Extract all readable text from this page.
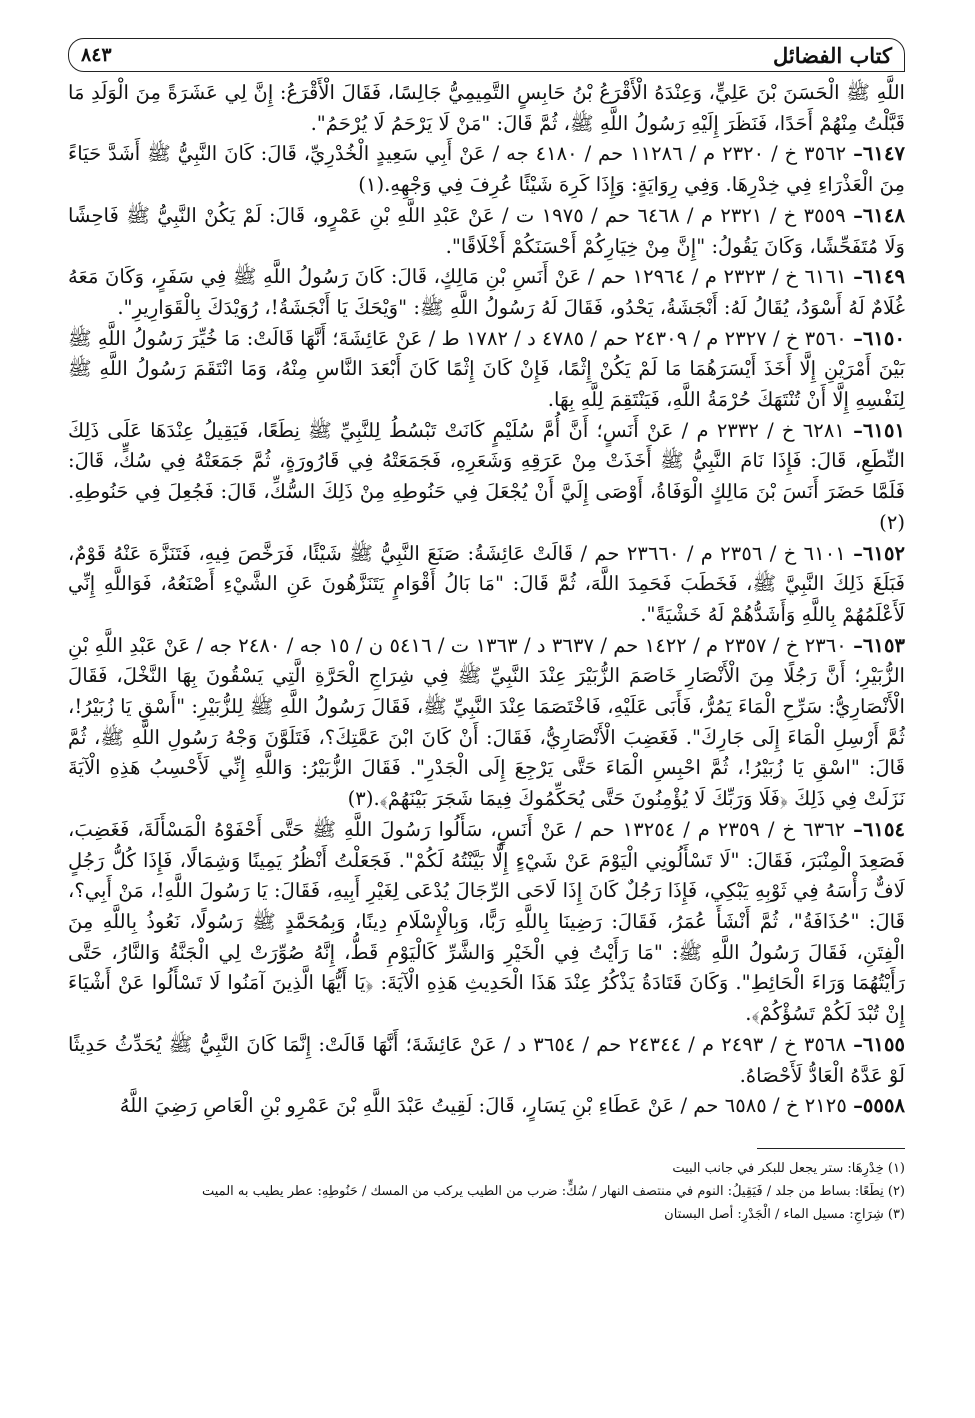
كتاب الفضائل
٨٤٣

اللَّهِ ﷺ الْحَسَنَ بْنَ عَلِيٍّ، وَعِنْدَهُ الْأَقْرَعُ بْنُ حَابِسٍ التَّمِيمِيُّ جَالِسًا، فَقَالَ الْأَقْرَعُ: إِنَّ لِي عَشَرَةً مِنَ الْوَلَدِ مَا قَبَّلْتُ مِنْهُمْ أَحَدًا، فَنَظَرَ إِلَيْهِ رَسُولُ اللَّهِ ﷺ، ثُمَّ قَالَ: "مَنْ لَا يَرْحَمُ لَا يُرْحَمُ".

٦١٤٧– ٣٥٦٢ خ / ٢٣٢٠ م / ١١٢٨٦ حم / ٤١٨٠ جه / عَنْ أَبِي سَعِيدٍ الْخُدْرِيِّ، قَالَ: كَانَ النَّبِيُّ ﷺ أَشَدَّ حَيَاءً مِنَ الْعَذْرَاءِ فِي خِدْرِهَا. وَفِي رِوَايَةٍ: وَإِذَا كَرِهَ شَيْئًا عُرِفَ فِي وَجْهِهِ.(١)

٦١٤٨– ٣٥٥٩ خ / ٢٣٢١ م / ٦٤٦٨ حم / ١٩٧٥ ت / عَنْ عَبْدِ اللَّهِ بْنِ عَمْرٍو، قَالَ: لَمْ يَكُنْ النَّبِيُّ ﷺ فَاحِشًا وَلَا مُتَفَحِّشًا، وَكَانَ يَقُولُ: "إِنَّ مِنْ خِيَارِكُمْ أَحْسَنَكُمْ أَخْلَاقًا".

٦١٤٩– ٦١٦١ خ / ٢٣٢٣ م / ١٢٩٦٤ حم / عَنْ أَنَسِ بْنِ مَالِكٍ، قَالَ: كَانَ رَسُولُ اللَّهِ ﷺ فِي سَفَرٍ، وَكَانَ مَعَهُ غُلَامٌ لَهُ أَسْوَدُ، يُقَالُ لَهُ: أَنْجَشَةُ، يَحْدُو، فَقَالَ لَهُ رَسُولُ اللَّهِ ﷺ: "وَيْحَكَ يَا أَنْجَشَةُ!، رُوَيْدَكَ بِالْقَوَارِيرِ".

٦١٥٠– ٣٥٦٠ خ / ٢٣٢٧ م / ٢٤٣٠٩ حم / ٤٧٨٥ د / ١٧٨٢ ط / عَنْ عَائِشَةَ؛ أَنَّهَا قَالَتْ: مَا خُيِّرَ رَسُولُ اللَّهِ ﷺ بَيْنَ أَمْرَيْنِ إِلَّا أَخَذَ أَيْسَرَهُمَا مَا لَمْ يَكُنْ إِثْمًا، فَإِنْ كَانَ إِثْمًا كَانَ أَبْعَدَ النَّاسِ مِنْهُ، وَمَا انْتَقَمَ رَسُولُ اللَّهِ ﷺ لِنَفْسِهِ إِلَّا أَنْ تُنْتَهَكَ حُرْمَةُ اللَّهِ، فَيَنْتَقِمَ لِلَّهِ بِهَا.

٦١٥١– ٦٢٨١ خ / ٢٣٣٢ م / عَنْ أَنَسٍ؛ أَنَّ أُمَّ سُلَيْمٍ كَانَتْ تَبْسُطُ لِلنَّبِيِّ ﷺ نِطَعًا، فَيَقِيلُ عِنْدَهَا عَلَى ذَلِكَ النِّطَعِ، قَالَ: فَإِذَا نَامَ النَّبِيُّ ﷺ أَخَذَتْ مِنْ عَرَقِهِ وَشَعَرِهِ، فَجَمَعَتْهُ فِي قَارُورَةٍ، ثُمَّ جَمَعَتْهُ فِي سُكٍّ، قَالَ: فَلَمَّا حَضَرَ أَنَسَ بْنَ مَالِكٍ الْوَفَاةُ، أَوْصَى إِلَيَّ أَنْ يُجْعَلَ فِي حَنُوطِهِ مِنْ ذَلِكَ السُّكِّ، قَالَ: فَجُعِلَ فِي حَنُوطِهِ.(٢)

٦١٥٢– ٦١٠١ خ / ٢٣٥٦ م / ٢٣٦٦٠ حم / قَالَتْ عَائِشَةُ: صَنَعَ النَّبِيُّ ﷺ شَيْئًا، فَرَخَّصَ فِيهِ، فَتَنَزَّهَ عَنْهُ قَوْمٌ، فَبَلَغَ ذَلِكَ النَّبِيَّ ﷺ، فَخَطَبَ فَحَمِدَ اللَّهَ، ثُمَّ قَالَ: "مَا بَالُ أَقْوَامٍ يَتَنَزَّهُونَ عَنِ الشَّيْءِ أَصْنَعُهُ، فَوَاللَّهِ إِنِّي لَأَعْلَمُهُمْ بِاللَّهِ وَأَشَدُّهُمْ لَهُ خَشْيَةً".

٦١٥٣– ٢٣٦٠ خ / ٢٣٥٧ م / ١٤٢٢ حم / ٣٦٣٧ د / ١٣٦٣ ت / ٥٤١٦ ن / ١٥ جه / ٢٤٨٠ جه / عَنْ عَبْدِ اللَّهِ بْنِ الزُّبَيْرِ؛ أَنَّ رَجُلًا مِنَ الْأَنْصَارِ خَاصَمَ الزُّبَيْرَ عِنْدَ النَّبِيِّ ﷺ فِي شِرَاجِ الْحَرَّةِ الَّتِي يَسْقُونَ بِهَا النَّخْلَ، فَقَالَ الْأَنْصَارِيُّ: سَرِّحِ الْمَاءَ يَمُرُّ، فَأَبَى عَلَيْهِ، فَاخْتَصَمَا عِنْدَ النَّبِيِّ ﷺ، فَقَالَ رَسُولُ اللَّهِ ﷺ لِلزُّبَيْرِ: "أَسْقِ يَا زُبَيْرُ!، ثُمَّ أَرْسِلِ الْمَاءَ إِلَى جَارِكَ". فَغَضِبَ الْأَنْصَارِيُّ، فَقَالَ: أَنْ كَانَ ابْنَ عَمَّتِكَ؟، فَتَلَوَّنَ وَجْهُ رَسُولِ اللَّهِ ﷺ، ثُمَّ قَالَ: "اسْقِ يَا زُبَيْرُ!، ثُمَّ احْبِسِ الْمَاءَ حَتَّى يَرْجِعَ إِلَى الْجَدْرِ". فَقَالَ الزُّبَيْرُ: وَاللَّهِ إِنِّي لَأَحْسِبُ هَذِهِ الْآيَةَ نَزَلَتْ فِي ذَلِكَ ﴿فَلَا وَرَبِّكَ لَا يُؤْمِنُونَ حَتَّى يُحَكِّمُوكَ فِيمَا شَجَرَ بَيْنَهُمْ﴾.(٣)

٦١٥٤– ٦٣٦٢ خ / ٢٣٥٩ م / ١٣٢٥٤ حم / عَنْ أَنَسٍ، سَأَلُوا رَسُولَ اللَّهِ ﷺ حَتَّى أَحْفَوْهُ الْمَسْأَلَةَ، فَغَضِبَ، فَصَعِدَ الْمِنْبَرَ، فَقَالَ: "لَا تَسْأَلُونِي الْيَوْمَ عَنْ شَيْءٍ إِلَّا بَيَّنْتُهُ لَكُمْ". فَجَعَلْتُ أَنْظُرُ يَمِينًا وَشِمَالًا، فَإِذَا كُلُّ رَجُلٍ لَافٌّ رَأْسَهُ فِي ثَوْبِهِ يَبْكِي، فَإِذَا رَجُلٌ كَانَ إِذَا لَاحَى الرِّجَالَ يُدْعَى لِغَيْرِ أَبِيهِ، فَقَالَ: يَا رَسُولَ اللَّهِ!، مَنْ أَبِي؟، قَالَ: "حُذَافَةُ"، ثُمَّ أَنْشَأَ عُمَرُ، فَقَالَ: رَضِينَا بِاللَّهِ رَبًّا، وَبِالْإِسْلَامِ دِينًا، وَبِمُحَمَّدٍ ﷺ رَسُولًا، نَعُوذُ بِاللَّهِ مِنَ الْفِتَنِ، فَقَالَ رَسُولُ اللَّهِ ﷺ: "مَا رَأَيْتُ فِي الْخَيْرِ وَالشَّرِّ كَالْيَوْمِ قَطُّ، إِنَّهُ صُوِّرَتْ لِي الْجَنَّةُ وَالنَّارُ، حَتَّى رَأَيْتُهُمَا وَرَاءَ الْحَائِطِ". وَكَانَ قَتَادَةُ يَذْكُرُ عِنْدَ هَذَا الْحَدِيثِ هَذِهِ الْآيَةَ: ﴿يَا أَيُّهَا الَّذِينَ آمَنُوا لَا تَسْأَلُوا عَنْ أَشْيَاءَ إِنْ تُبْدَ لَكُمْ تَسُؤْكُمْ﴾.

٦١٥٥– ٣٥٦٨ خ / ٢٤٩٣ م / ٢٤٣٤٤ حم / ٣٦٥٤ د / عَنْ عَائِشَةَ؛ أَنَّهَا قَالَتْ: إِنَّمَا كَانَ النَّبِيُّ ﷺ يُحَدِّثُ حَدِيثًا لَوْ عَدَّهُ الْعَادُّ لَأَحْصَاهُ.

٥٥٥٨– ٢١٢٥ خ / ٦٥٨٥ حم / عَنْ عَطَاءِ بْنِ يَسَارٍ، قَالَ: لَقِيتُ عَبْدَ اللَّهِ بْنَ عَمْرِو بْنِ الْعَاصِ رَضِيَ اللَّهُ

(١) خِدْرِهَا: ستر يجعل للبكر في جانب البيت

(٢) نِطَعًا: بساط من جلد / فَيَقِيلُ: النوم في منتصف النهار / سُكٍّ: ضرب من الطيب يركب من المسك / حَنُوطِهِ: عطر يطيب به الميت

(٣) شِرَاجِ: مسيل الماء / الْجَدْرِ: أصل البستان
